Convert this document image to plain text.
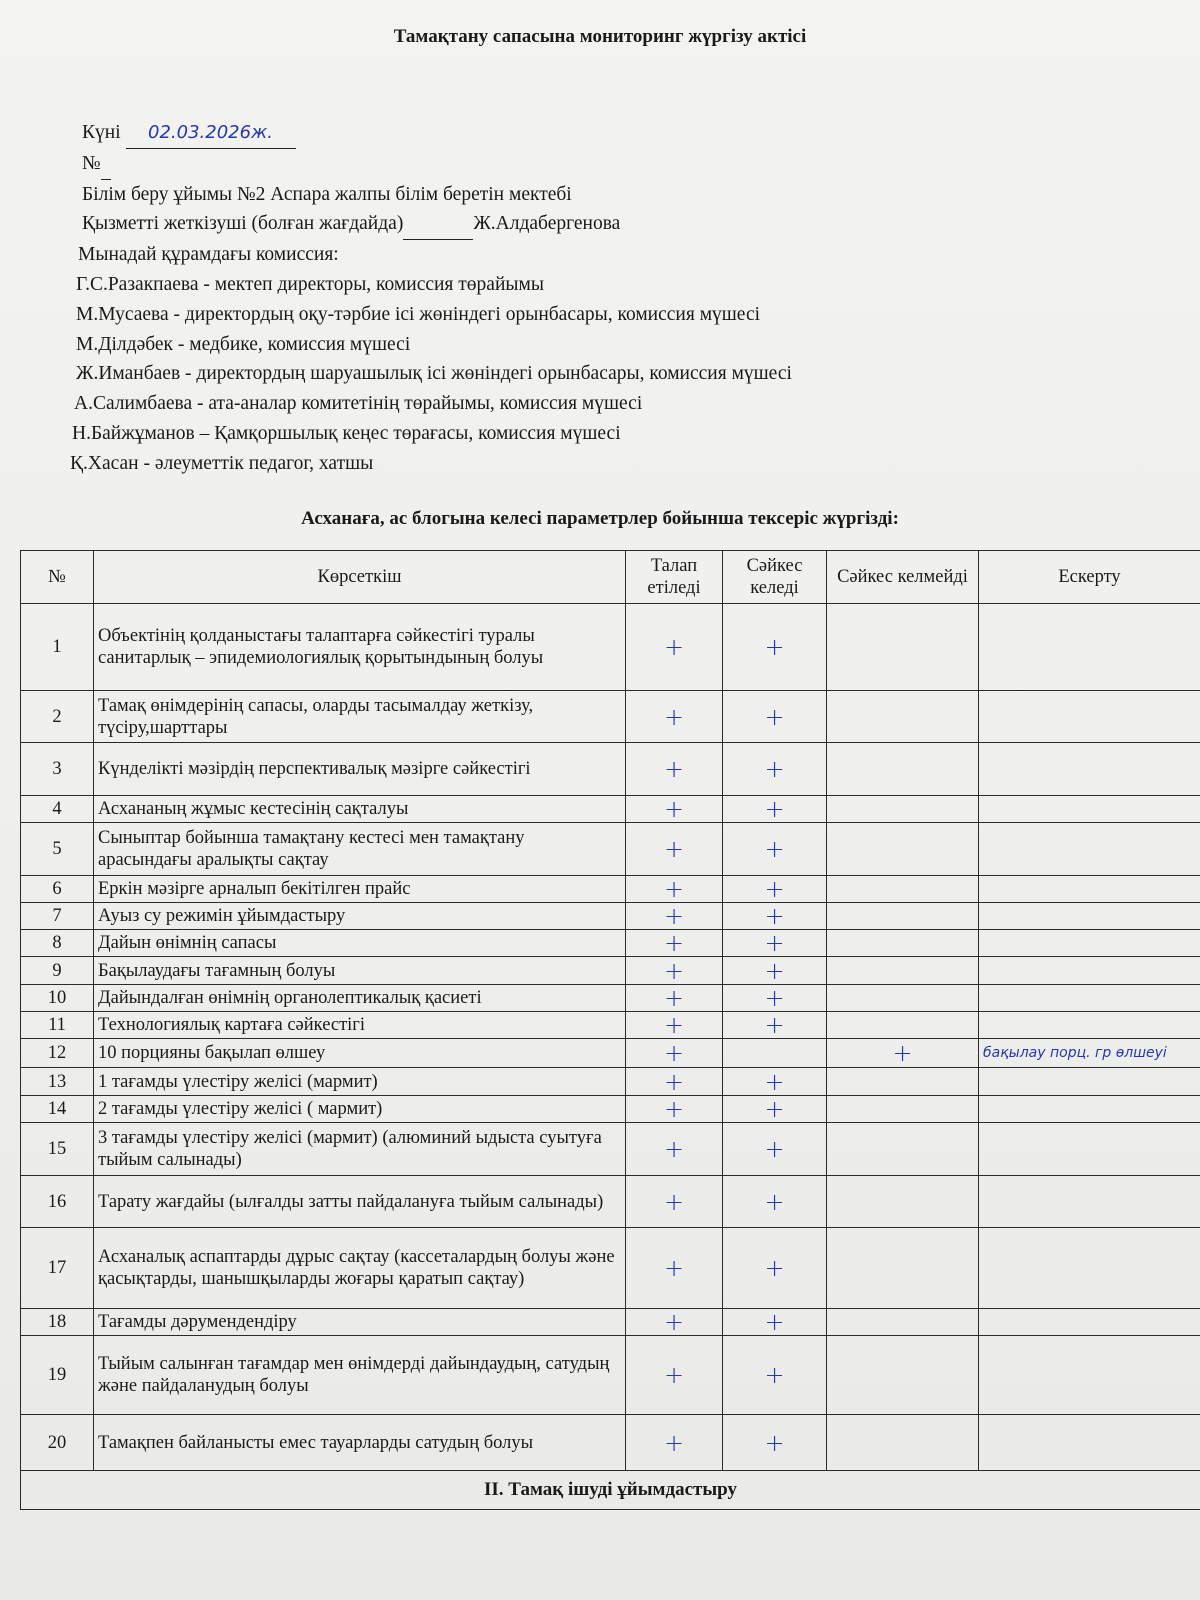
Тамақтану сапасына мониторинг жүргізу актісі
Күні 02.03.2026ж.
№
Білім беру ұйымы №2 Аспара жалпы білім беретін мектебі
Қызметті жеткізуші (болған жағдайда)	Ж.Алдабергенова
Мынадай құрамдағы комиссия:
Г.С.Разакпаева - мектеп директоры, комиссия төрайымы
М.Мусаева - директордың оқу-тәрбие ісі жөніндегі орынбасары, комиссия мүшесі
М.Ділдәбек - медбике, комиссия мүшесі
Ж.Иманбаев - директордың шаруашылық ісі жөніндегі орынбасары, комиссия мүшесі
А.Салимбаева - ата-аналар комитетінің төрайымы, комиссия мүшесі
Н.Байжұманов – Қамқоршылық кеңес төрағасы, комиссия мүшесі
Қ.Хасан - әлеуметтік педагог, хатшы
Асханаға, ас блогына келесі параметрлер бойынша тексеріс жүргізді:
№	Көрсеткіш	Талап етіледі	Сәйкес келеді	Сәйкес келмейді	Ескерту
1	Объектінің қолданыстағы талаптарға сәйкестігі туралы санитарлық – эпидемиологиялық қорытындының болуы	+	+		
2	Тамақ өнімдерінің сапасы, оларды тасымалдау жеткізу, түсіру,шарттары	+	+		
3	Күнделікті мәзірдің перспективалық мәзірге сәйкестігі	+	+		
4	Асхананың жұмыс кестесінің сақталуы	+	+		
5	Сыныптар бойынша тамақтану кестесі мен тамақтану арасындағы аралықты сақтау	+	+		
6	Еркін мәзірге арналып бекітілген прайс	+	+		
7	Ауыз су режимін ұйымдастыру	+	+		
8	Дайын өнімнің сапасы	+	+		
9	Бақылаудағы тағамның болуы	+	+		
10	Дайындалған өнімнің органолептикалық қасиеті	+	+		
11	Технологиялық картаға сәйкестігі	+	+		
12	10 порцияны бақылап өлшеу	+		+	бақылау порц. гр өлшеуі
13	1 тағамды үлестіру желісі (мармит)	+	+		
14	2 тағамды үлестіру желісі ( мармит)	+	+		
15	3 тағамды үлестіру желісі (мармит) (алюминий ыдыста суытуға тыйым салынады)	+	+		
16	Тарату жағдайы (ылғалды затты пайдалануға тыйым салынады)	+	+		
17	Асханалық аспаптарды дұрыс сақтау (кассеталардың болуы және қасықтарды, шанышқыларды жоғары қаратып сақтау)	+	+		
18	Тағамды дәрумендендіру	+	+		
19	Тыйым салынған тағамдар мен өнімдерді дайындаудың, сатудың және пайдаланудың болуы	+	+		
20	Тамақпен байланысты емес тауарларды сатудың болуы	+	+		
ІІ. Тамақ ішуді ұйымдастыру					
